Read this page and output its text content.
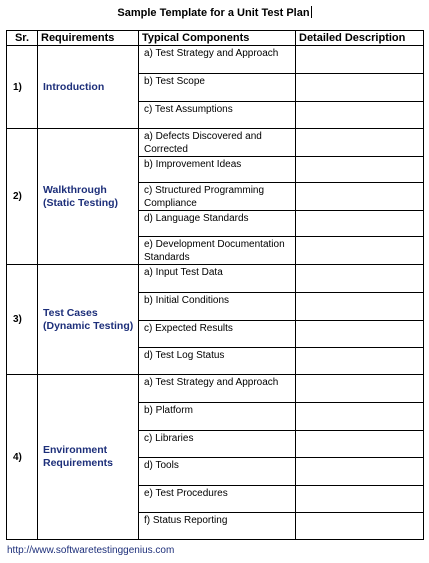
Sample Template for a Unit Test Plan
Sr.	Requirements	Typical Components	Detailed Description
1)	Introduction	a) Test Strategy and Approach	
		b) Test Scope	
		c) Test Assumptions	
2)	Walkthrough (Static Testing)	a) Defects Discovered and Corrected	
		b) Improvement Ideas	
		c) Structured Programming Compliance	
		d) Language Standards	
		e) Development Documentation Standards	
3)	Test Cases (Dynamic Testing)	a) Input Test Data	
		b) Initial Conditions	
		c) Expected Results	
		d) Test Log Status	
4)	Environment Requirements	a) Test Strategy and Approach	
		b) Platform	
		c) Libraries	
		d) Tools	
		e) Test Procedures	
		f) Status Reporting	
http://www.softwaretestinggenius.com
